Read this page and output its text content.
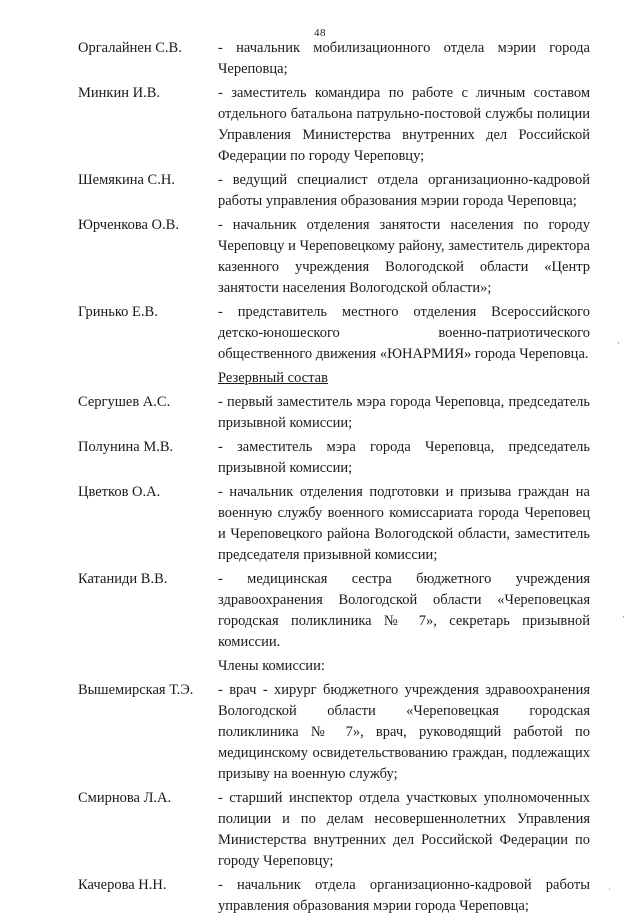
48
Оргалайнен С.В.	- начальник мобилизационного отдела мэрии города Череповца;
Минкин И.В.	- заместитель командира по работе с личным составом отдельного батальона патрульно-постовой службы полиции Управления Министерства внутренних дел Российской Федерации по городу Череповцу;
Шемякина С.Н.	- ведущий специалист отдела организационно-кадровой работы управления образования мэрии города Череповца;
Юрченкова О.В.	- начальник отделения занятости населения по городу Череповцу и Череповецкому району, заместитель директора казенного учреждения Вологодской области «Центр занятости населения Вологодской области»;
Гринько Е.В.	- представитель местного отделения Всероссийского детско-юношеского военно-патриотического общественного движения «ЮНАРМИЯ» города Череповца.
Резервный состав
Сергушев А.С.	- первый заместитель мэра города Череповца, председатель призывной комиссии;
Полунина М.В.	- заместитель мэра города Череповца, председатель призывной комиссии;
Цветков О.А.	- начальник отделения подготовки и призыва граждан на военную службу военного комиссариата города Череповец и Череповецкого района Вологодской области, заместитель председателя призывной комиссии;
Катаниди В.В.	- медицинская сестра бюджетного учреждения здравоохранения Вологодской области «Череповецкая городская поликлиника № 7», секретарь призывной комиссии.
Члены комиссии:
Вышемирская Т.Э.	- врач - хирург бюджетного учреждения здравоохранения Вологодской области «Череповецкая городская поликлиника № 7», врач, руководящий работой по медицинскому освидетельствованию граждан, подлежащих призыву на военную службу;
Смирнова Л.А.	- старший инспектор отдела участковых уполномоченных полиции и по делам несовершеннолетних Управления Министерства внутренних дел Российской Федерации по городу Череповцу;
Качерова Н.Н.	- начальник отдела организационно-кадровой работы управления образования мэрии города Череповца;
·
·
ˌ
